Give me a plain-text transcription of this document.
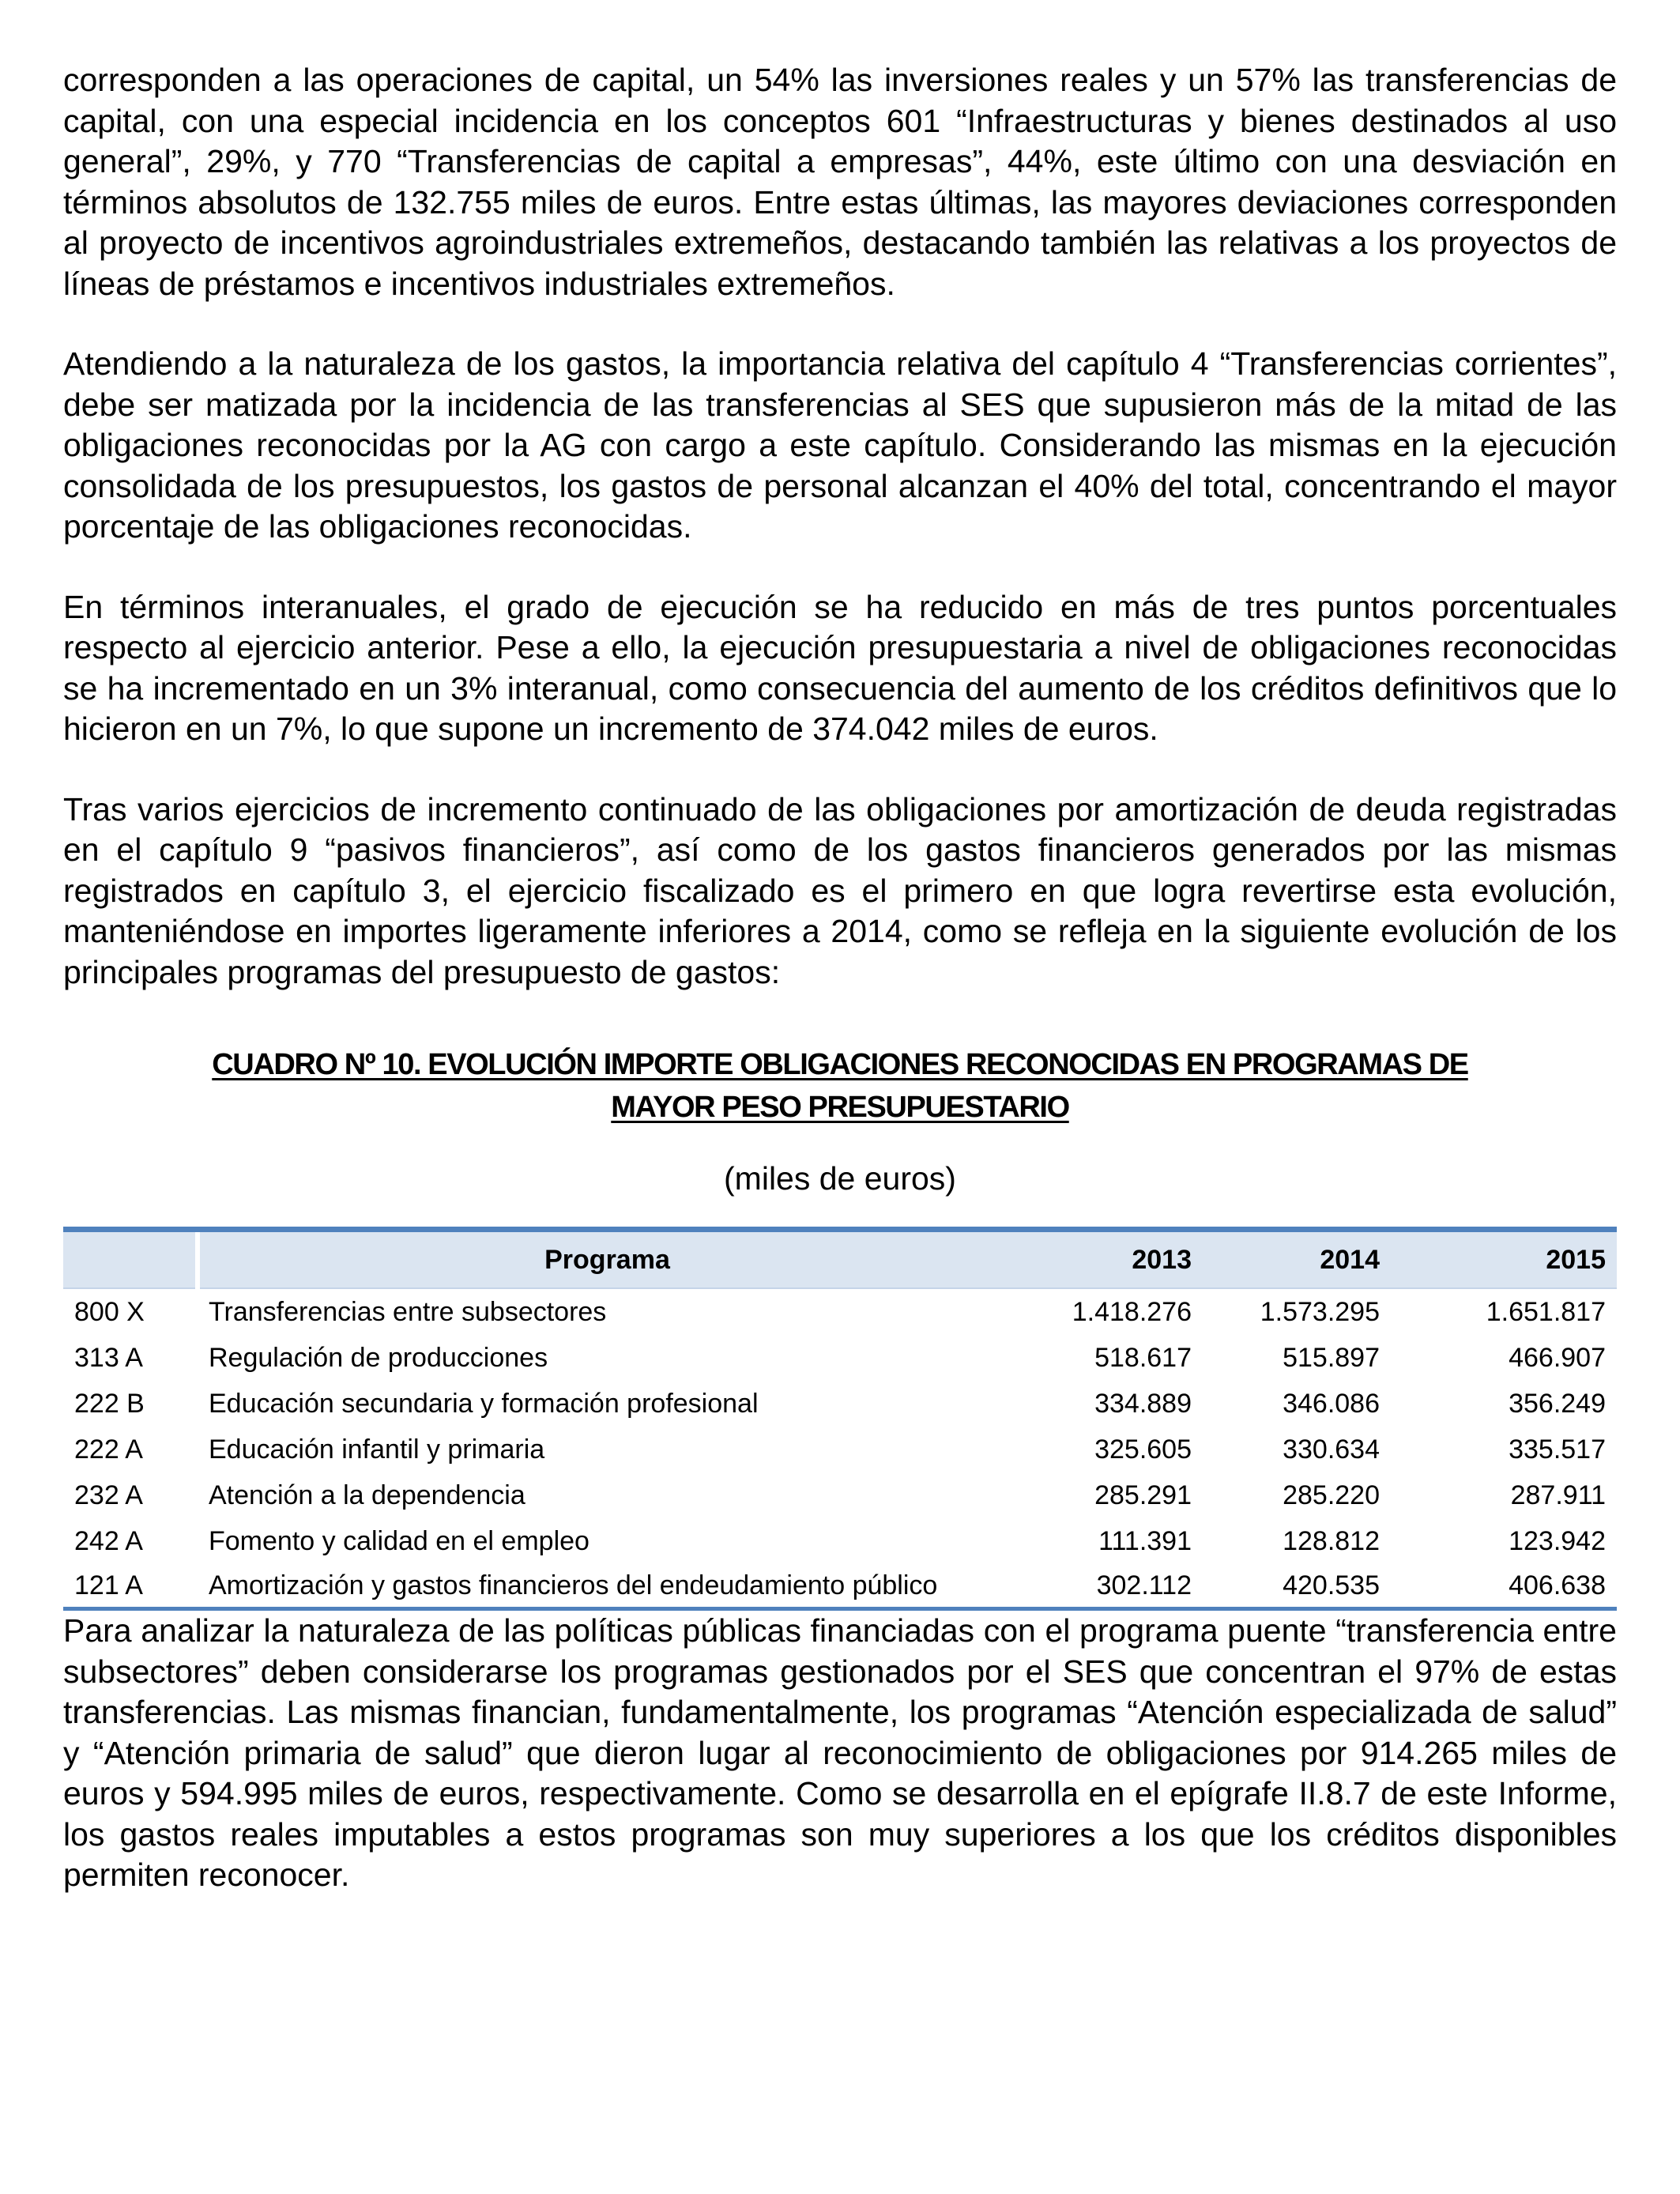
corresponden a las operaciones de capital, un 54% las inversiones reales y un 57% las transferencias de capital, con una especial incidencia en los conceptos 601 “Infraestructuras y bienes destinados al uso general”, 29%, y 770 “Transferencias de capital a empresas”, 44%, este último con una desviación en términos absolutos de 132.755 miles de euros. Entre estas últimas, las mayores deviaciones corresponden al proyecto de incentivos agroindustriales extremeños, destacando también las relativas a los proyectos de líneas de préstamos e incentivos industriales extremeños.

Atendiendo a la naturaleza de los gastos, la importancia relativa del capítulo 4 “Transferencias corrientes”, debe ser matizada por la incidencia de las transferencias al SES que supusieron más de la mitad de las obligaciones reconocidas por la AG con cargo a este capítulo. Considerando las mismas en la ejecución consolidada de los presupuestos, los gastos de personal alcanzan el 40% del total, concentrando el mayor porcentaje de las obligaciones reconocidas.

En términos interanuales, el grado de ejecución se ha reducido en más de tres puntos porcentuales respecto al ejercicio anterior. Pese a ello, la ejecución presupuestaria a nivel de obligaciones reconocidas se ha incrementado en un 3% interanual, como consecuencia del aumento de los créditos definitivos que lo hicieron en un 7%, lo que supone un incremento de 374.042 miles de euros.

Tras varios ejercicios de incremento continuado de las obligaciones por amortización de deuda registradas en el capítulo 9 “pasivos financieros”, así como de los gastos financieros generados por las mismas registrados en capítulo 3, el ejercicio fiscalizado es el primero en que logra revertirse esta evolución, manteniéndose en importes ligeramente inferiores a 2014, como se refleja en la siguiente evolución de los principales programas del presupuesto de gastos:

CUADRO Nº 10. EVOLUCIÓN IMPORTE OBLIGACIONES RECONOCIDAS EN PROGRAMAS DE
MAYOR PESO PRESUPUESTARIO
(miles de euros)
	Programa	2013	2014	2015
800 X	Transferencias entre subsectores	1.418.276	1.573.295	1.651.817
313 A	Regulación de producciones	518.617	515.897	466.907
222 B	Educación secundaria y formación profesional	334.889	346.086	356.249
222 A	Educación infantil y primaria	325.605	330.634	335.517
232 A	Atención a la dependencia	285.291	285.220	287.911
242 A	Fomento y calidad en el empleo	111.391	128.812	123.942
121 A	Amortización y gastos financieros del endeudamiento público	302.112	420.535	406.638

Para analizar la naturaleza de las políticas públicas financiadas con el programa puente “transferencia entre subsectores” deben considerarse los programas gestionados por el SES que concentran el 97% de estas transferencias. Las mismas financian, fundamentalmente, los programas “Atención especializada de salud” y “Atención primaria de salud” que dieron lugar al reconocimiento de obligaciones por 914.265 miles de euros y 594.995 miles de euros, respectivamente. Como se desarrolla en el epígrafe II.8.7 de este Informe, los gastos reales imputables a estos programas son muy superiores a los que los créditos disponibles permiten reconocer.
